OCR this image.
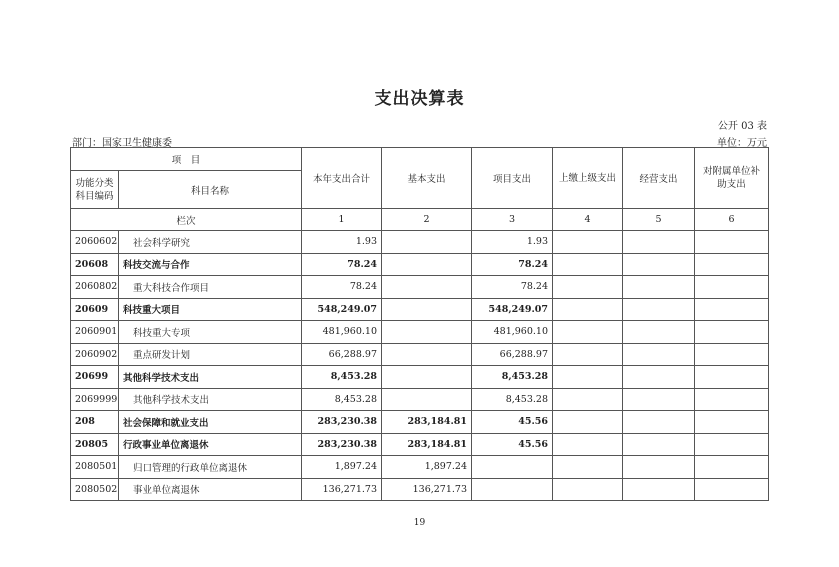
支出决算表
公开 03 表
部门：国家卫生健康委	单位：万元
项　目		本年支出合计	基本支出	项目支出	上缴上级支出	经营支出	对附属单位补助支出
功能分类科目编码	科目名称						
栏次		1	2	3	4	5	6
2060602	社会科学研究	1.93		1.93			
20608	科技交流与合作	78.24		78.24			
2060802	重大科技合作项目	78.24		78.24			
20609	科技重大项目	548,249.07		548,249.07			
2060901	科技重大专项	481,960.10		481,960.10			
2060902	重点研发计划	66,288.97		66,288.97			
20699	其他科学技术支出	8,453.28		8,453.28			
2069999	其他科学技术支出	8,453.28		8,453.28			
208	社会保障和就业支出	283,230.38	283,184.81	45.56			
20805	行政事业单位离退休	283,230.38	283,184.81	45.56			
2080501	归口管理的行政单位离退休	1,897.24	1,897.24				
2080502	事业单位离退休	136,271.73	136,271.73				
19
